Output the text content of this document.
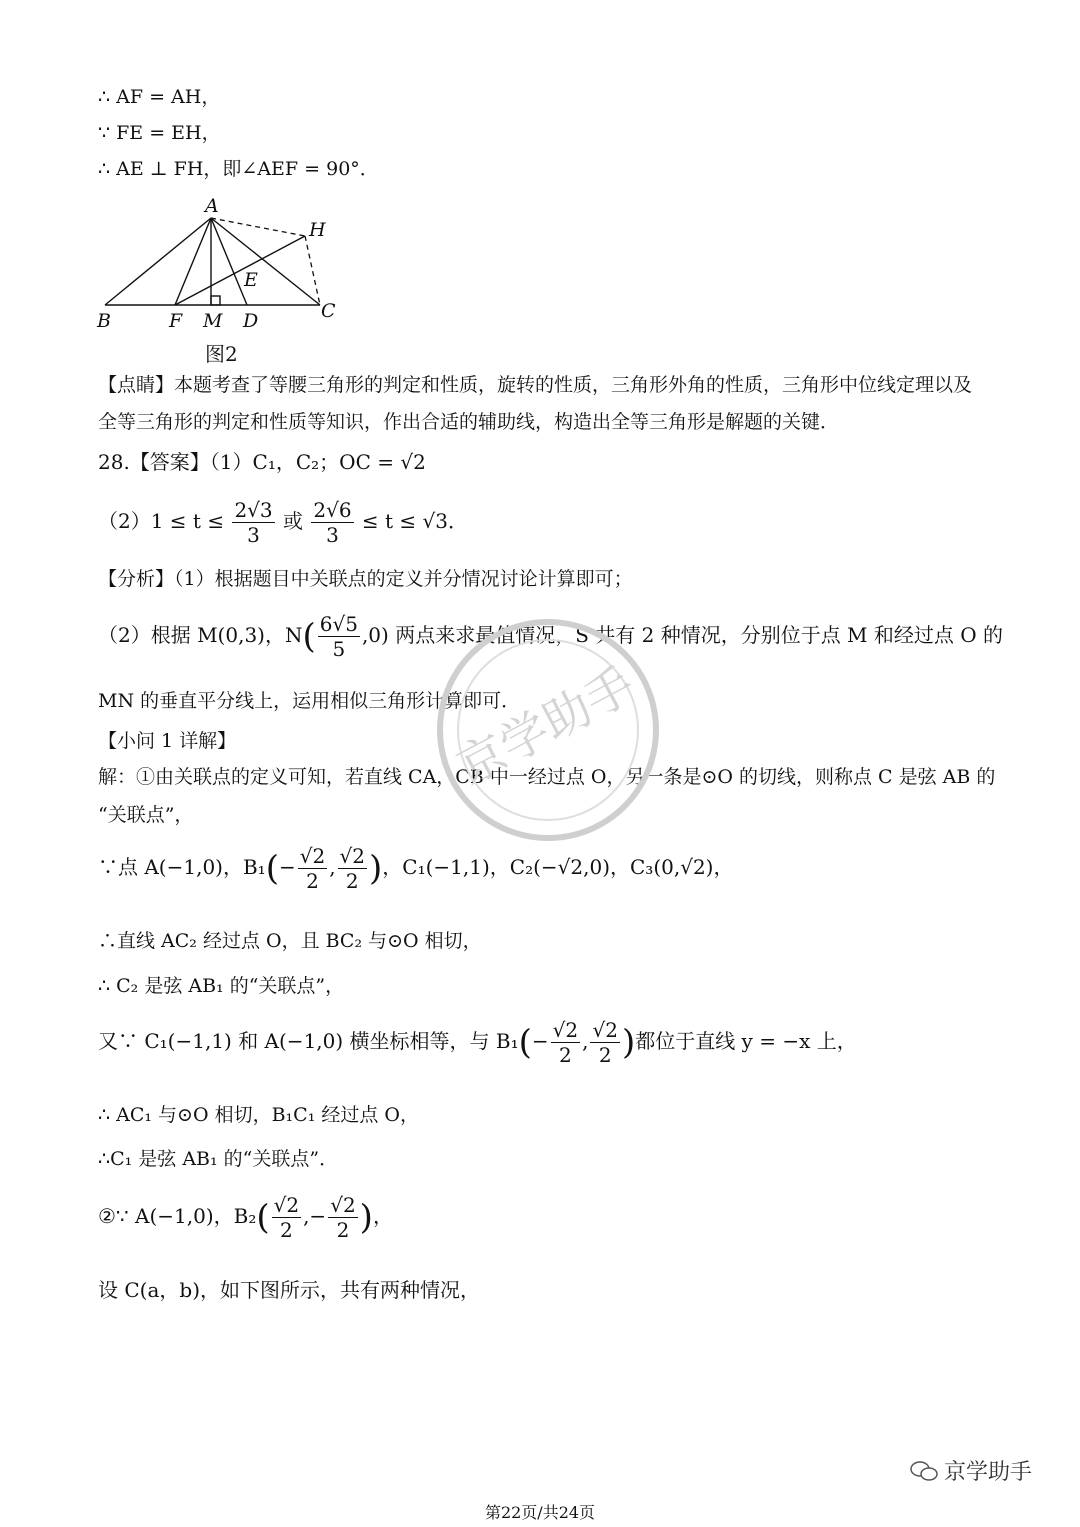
∴ AF = AH，
∵ FE = EH，
∴ AE ⊥ FH，即∠AEF = 90°．
A
H
E
B	F M D	C
图2
【点睛】本题考查了等腰三角形的判定和性质，旋转的性质，三角形外角的性质，三角形中位线定理以及
全等三角形的判定和性质等知识，作出合适的辅助线，构造出全等三角形是解题的关键．
28.【答案】（1）C₁，C₂；OC = √2
$(2)1 \le t \le \frac{2√3}{3}$ 或 $\frac{2√6}{3} \le t \le √3$．
【分析】（1）根据题目中关联点的定义并分情况讨论计算即可；
（2）根据 M(0,3)，$N( \frac{6√5}{5} ,0)$ 两点来求最值情况，S 共有 2 种情况，分别位于点 M 和经过点 O 的
MN 的垂直平分线上，运用相似三角形计算即可．
【小问 1 详解】
解：①由关联点的定义可知，若直线 CA，CB 中一经过点 O，另一条是⊙O 的切线，则称点 C 是弦 AB 的
“关联点”，
∵点 A(−1,0)，$B_1(- \frac{√2}{2}$ , $\frac{√2}{2}$ )，C₁(−1,1)，C₂(−√2,0)，C₃(0,√2)，
∴直线 AC₂ 经过点 O，且 BC₂ 与⊙O 相切，
∴ C₂ 是弦 AB₁ 的“关联点”，
又∵ C₁(−1,1) 和 A(−1,0) 横坐标相等，与 $B_1(- \frac{√2}{2}$ , $\frac{√2}{2}$ )都位于直线 y = −x 上，
∴ AC₁ 与⊙O 相切，B₁C₁ 经过点 O，
∴C₁ 是弦 AB₁ 的“关联点”．
②∵ A(−1,0)，$B_2( \frac{√2}{2}$ ,− $\frac{√2}{2}$ )，
设 C(a，b)，如下图所示，共有两种情况，
京学助手
京学助手
第22页/共24页
